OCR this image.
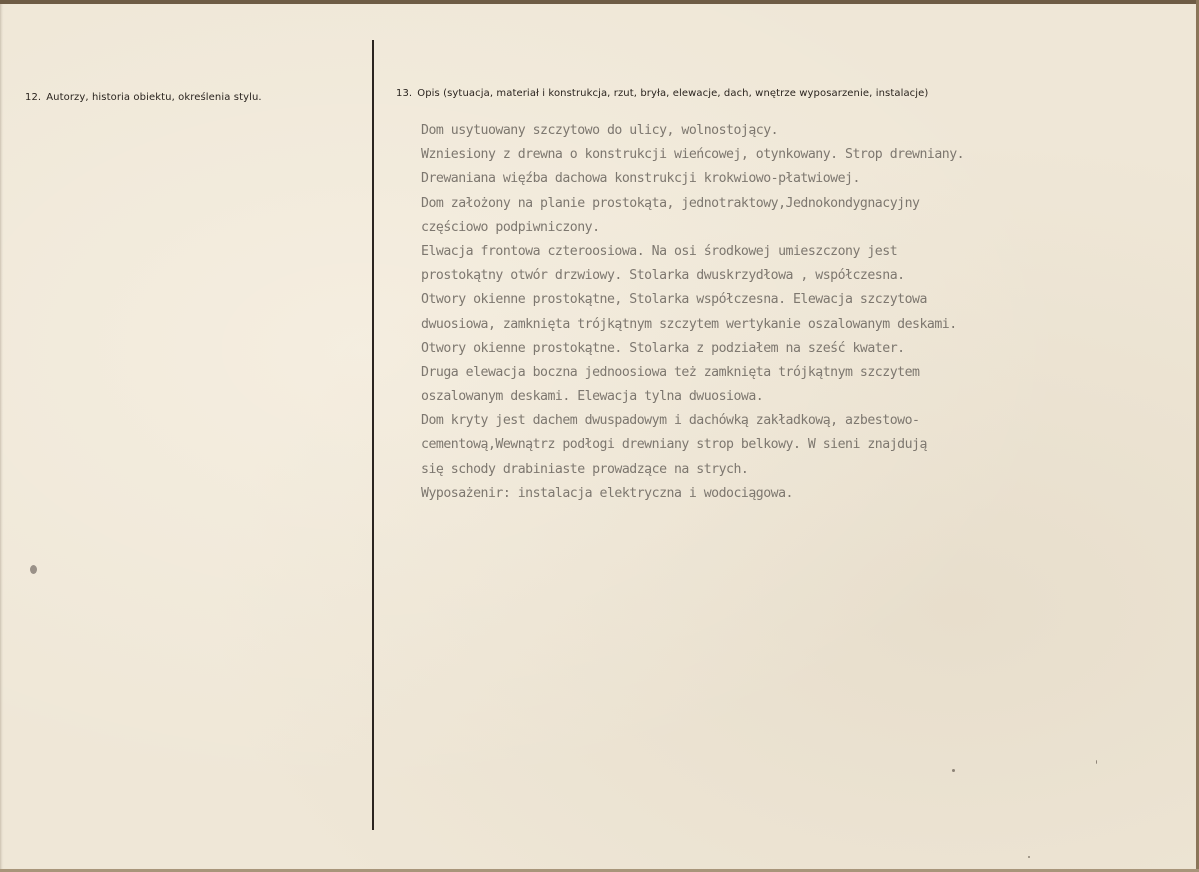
12. Autorzy, historia obiektu, określenia stylu.	13. Opis (sytuacja, materiał i konstrukcja, rzut, bryła, elewacje, dach, wnętrze wyposarzenie, instalacje)
Dom usytuowany szczytowo do ulicy, wolnostojący.
Wzniesiony z drewna o konstrukcji wieńcowej, otynkowany. Strop drewniany.
Drewaniana więźba dachowa konstrukcji krokwiowo-płatwiowej.
Dom założony na planie prostokąta, jednotraktowy,Jednokondygnacyjny
częściowo podpiwniczony.
Elwacja frontowa czteroosiowa. Na osi środkowej umieszczony jest
prostokątny otwór drzwiowy. Stolarka dwuskrzydłowa , współczesna.
Otwory okienne prostokątne, Stolarka współczesna. Elewacja szczytowa
dwuosiowa, zamknięta trójkątnym szczytem wertykanie oszalowanym deskami.
Otwory okienne prostokątne. Stolarka z podziałem na sześć kwater.
Druga elewacja boczna jednoosiowa też zamknięta trójkątnym szczytem
oszalowanym deskami. Elewacja tylna dwuosiowa.
Dom kryty jest dachem dwuspadowym i dachówką zakładkową, azbestowo-
cementową,Wewnątrz podłogi drewniany strop belkowy. W sieni znajdują
się schody drabiniaste prowadzące na strych.
Wyposażenir: instalacja elektryczna i wodociągowa.
